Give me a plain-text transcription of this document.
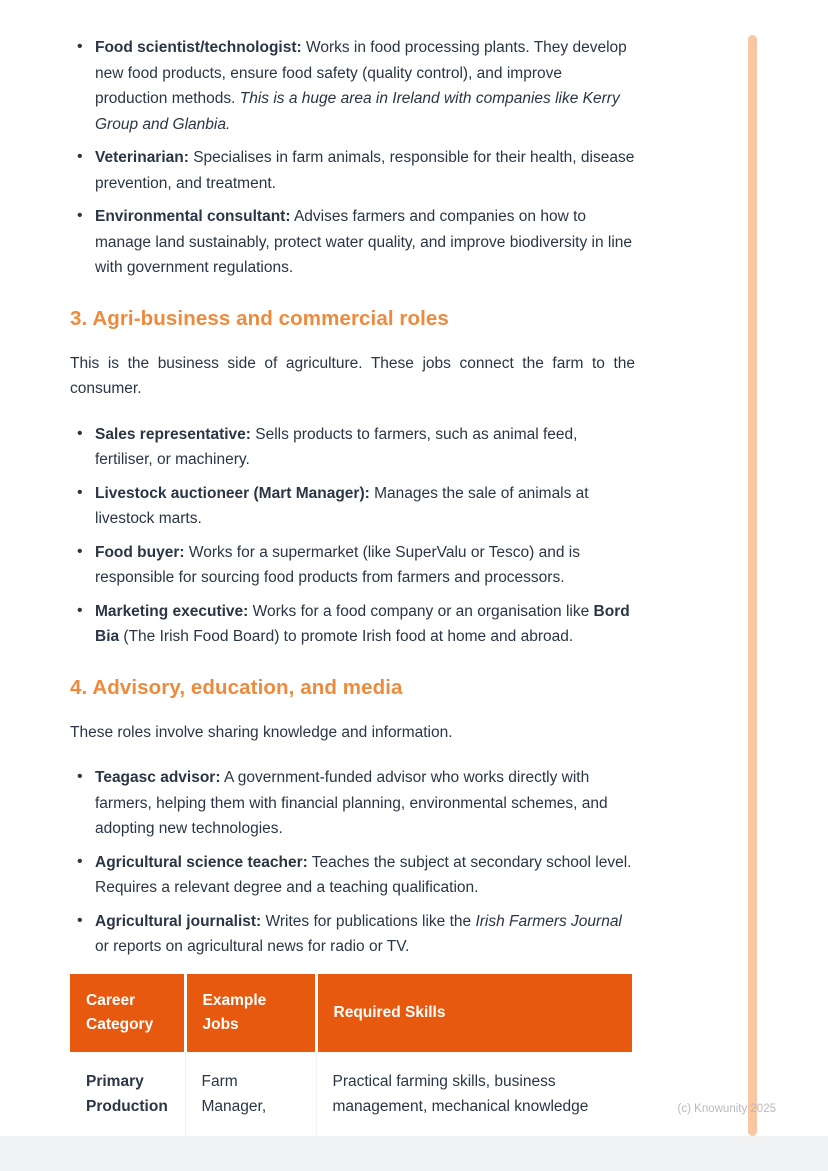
• Food scientist/technologist: Works in food processing plants. They develop new food products, ensure food safety (quality control), and improve production methods. This is a huge area in Ireland with companies like Kerry Group and Glanbia.
• Veterinarian: Specialises in farm animals, responsible for their health, disease prevention, and treatment.
• Environmental consultant: Advises farmers and companies on how to manage land sustainably, protect water quality, and improve biodiversity in line with government regulations.
3. Agri-business and commercial roles

This is the business side of agriculture. These jobs connect the farm to the consumer.

• Sales representative: Sells products to farmers, such as animal feed, fertiliser, or machinery.
• Livestock auctioneer (Mart Manager): Manages the sale of animals at livestock marts.
• Food buyer: Works for a supermarket (like SuperValu or Tesco) and is responsible for sourcing food products from farmers and processors.
• Marketing executive: Works for a food company or an organisation like Bord Bia (The Irish Food Board) to promote Irish food at home and abroad.
4. Advisory, education, and media

These roles involve sharing knowledge and information.

• Teagasc advisor: A government-funded advisor who works directly with farmers, helping them with financial planning, environmental schemes, and adopting new technologies.
• Agricultural science teacher: Teaches the subject at secondary school level. Requires a relevant degree and a teaching qualification.
• Agricultural journalist: Writes for publications like the Irish Farmers Journal or reports on agricultural news for radio or TV.
Career Category	Example Jobs	Required Skills
Primary Production	Farm Manager,	Practical farming skills, business management, mechanical knowledge	(c) Knowunity 2025
